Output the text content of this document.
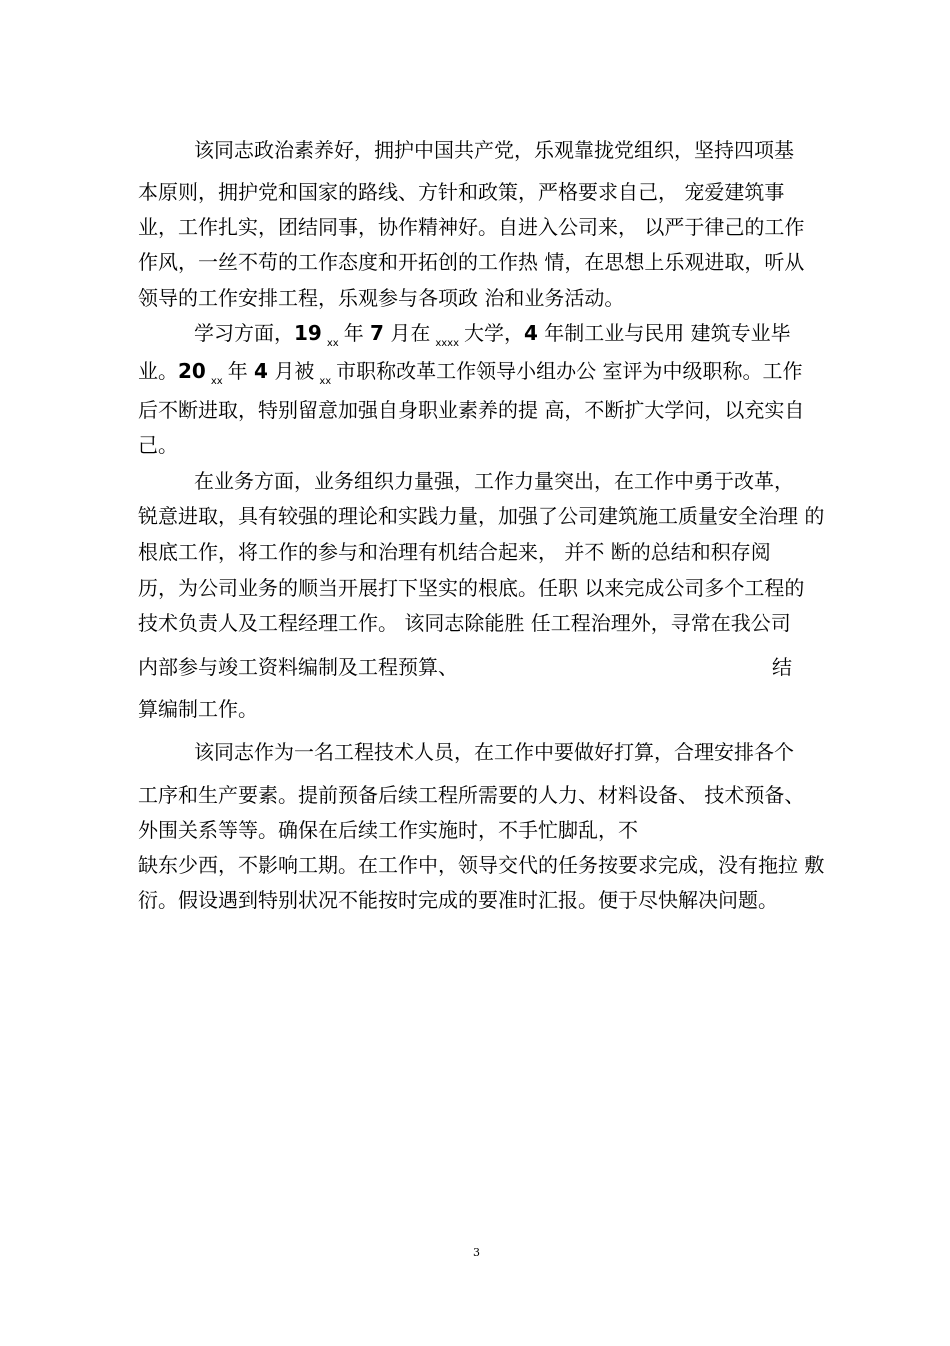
该同志政治素养好，拥护中国共产党，乐观靠拢党组织，坚持四项基
本原则，拥护党和国家的路线、方针和政策，严格要求自己， 宠爱建筑事
业，工作扎实，团结同事，协作精神好。自进入公司来， 以严于律己的工作
作风，一丝不苟的工作态度和开拓创的工作热 情，在思想上乐观进取，听从
领导的工作安排工程，乐观参与各项政 治和业务活动。
学习方面，19 $_{xx}$ 年 7 月在 $_{xxxx}$ 大学，4 年制工业与民用 建筑专业毕
业。20 $_{xx}$ 年 4 月被 $_{xx}$ 市职称改革工作领导小组办公 室评为中级职称。工作
后不断进取，特别留意加强自身职业素养的提 高，不断扩大学问，以充实自
己。
在业务方面，业务组织力量强，工作力量突出，在工作中勇于改革，
锐意进取，具有较强的理论和实践力量，加强了公司建筑施工质量安全治理 的
根底工作，将工作的参与和治理有机结合起来， 并不 断的总结和积存阅
历，为公司业务的顺当开展打下坚实的根底。任职 以来完成公司多个工程的
技术负责人及工程经理工作。 该同志除能胜 任工程治理外，寻常在我公司
内部参与竣工资料编制及工程预算、	结
算编制工作。
该同志作为一名工程技术人员，在工作中要做好打算，合理安排各个
工序和生产要素。提前预备后续工程所需要的人力、材料设备、 技术预备、
外围关系等等。确保在后续工作实施时，不手忙脚乱，不
缺东少西，不影响工期。在工作中，领导交代的任务按要求完成，没有拖拉 敷
衍。假设遇到特别状况不能按时完成的要准时汇报。便于尽快解决问题。
3
